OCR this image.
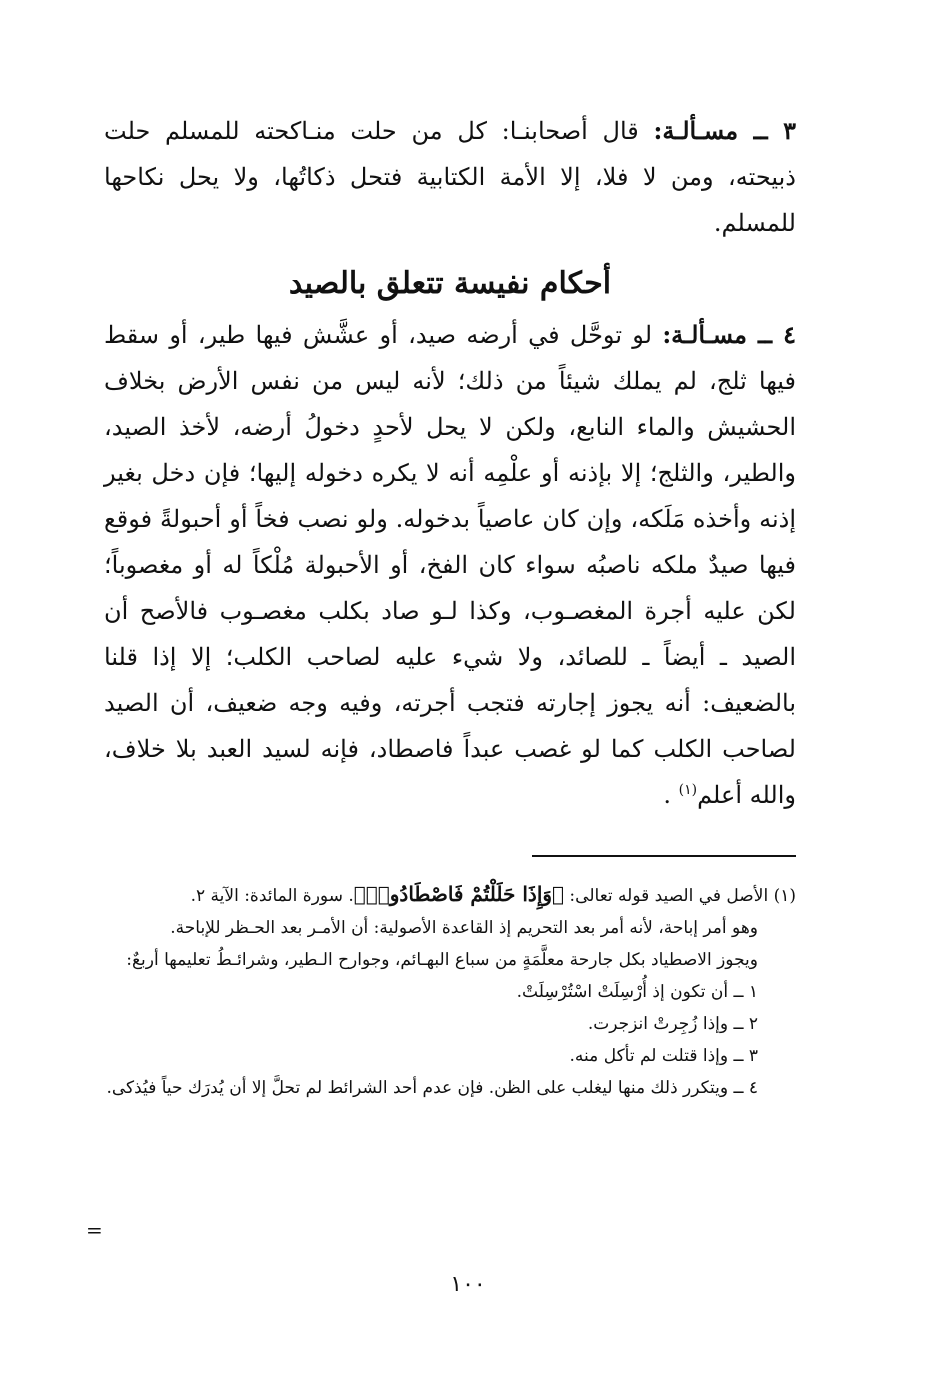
٣ ــ مسـألـة: قال أصحابنـا: كل من حلت منـاكحته للمسلم حلت ذبيحته، ومن لا فلا، إلا الأمة الكتابية فتحل ذكاتُها، ولا يحل نكاحها للمسلم.

أحكام نفيسة تتعلق بالصيد

٤ ــ مسـألـة: لو توحَّل في أرضه صيد، أو عشَّش فيها طير، أو سقط فيها ثلج، لم يملك شيئاً من ذلك؛ لأنه ليس من نفس الأرض بخلاف الحشيش والماء النابع، ولكن لا يحل لأحدٍ دخولُ أرضه، لأخذ الصيد، والطير، والثلج؛ إلا بإذنه أو علْمِه أنه لا يكره دخوله إليها؛ فإن دخل بغير إذنه وأخذه مَلَكه، وإن كان عاصياً بدخوله. ولو نصب فخاً أو أحبولةً فوقع فيها صيدٌ ملكه ناصبُه سواء كان الفخ، أو الأحبولة مُلْكاً له أو مغصوباً؛ لكن عليه أجرة المغصـوب، وكذا لـو صاد بكلب مغصـوب فالأصح أن الصيد ـ أيضاً ـ للصائد، ولا شيء عليه لصاحب الكلب؛ إلا إذا قلنا بالضعيف: أنه يجوز إجارته فتجب أجرته، وفيه وجه ضعيف، أن الصيد لصاحب الكلب كما لو غصب عبداً فاصطاد، فإنه لسيد العبد بلا خلاف، والله أعلم$^{(١)}$ .

(١) الأصل في الصيد قوله تعالى: ﴿وَإِذَا حَلَلْتُمْ فَاصْطَادُوا۟﴾. سورة المائدة: الآية ٢.

وهو أمر إباحة، لأنه أمر بعد التحريم إذ القاعدة الأصولية: أن الأمـر بعد الحـظر للإباحة.

ويجوز الاصطياد بكل جارحة معلَّمَةٍ من سباع البهـائم، وجوارح الـطير، وشرائـطُ تعليمها أربعٌ:

١ ــ أن تكون إذ أُرْسِلَتْ اسْتُرْسِلَتْ.

٢ ــ وإذا زُجِرتْ انزجرت.

٣ ــ وإذا قتلت لم تأكل منه.

٤ ــ ويتكرر ذلك منها ليغلب على الظن. فإن عدم أحد الشرائط لم تحلَّ إلا أن يُدرَك حياً فيُذكى.

=
١٠٠
